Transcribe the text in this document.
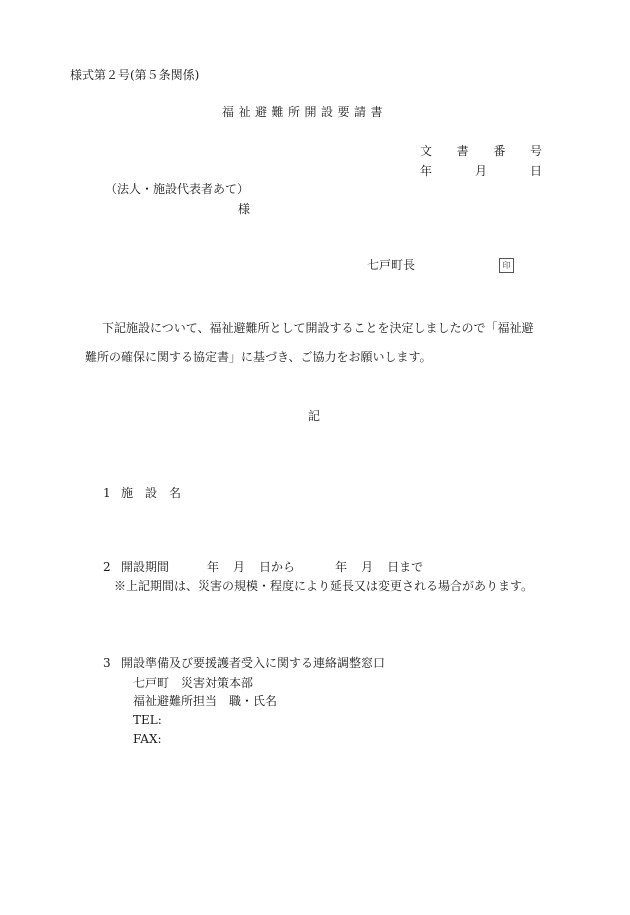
様式第２号(第５条関係)
福祉避難所開設要請書
文 書 番 号
年	月	日
（法人・施設代表者あて）
様
七戸町長	印
下記施設について、福祉避難所として開設することを決定しましたので「福祉避
難所の確保に関する協定書」に基づき、ご協力をお願いします。
記
1 施　設　名
2 開設期間	年 月 日から	年 月 日まで
※上記期間は、災害の規模・程度により延長又は変更される場合があります。
3 開設準備及び要援護者受入に関する連絡調整窓口
七戸町　災害対策本部
福祉避難所担当　職・氏名
TEL:
FAX:
